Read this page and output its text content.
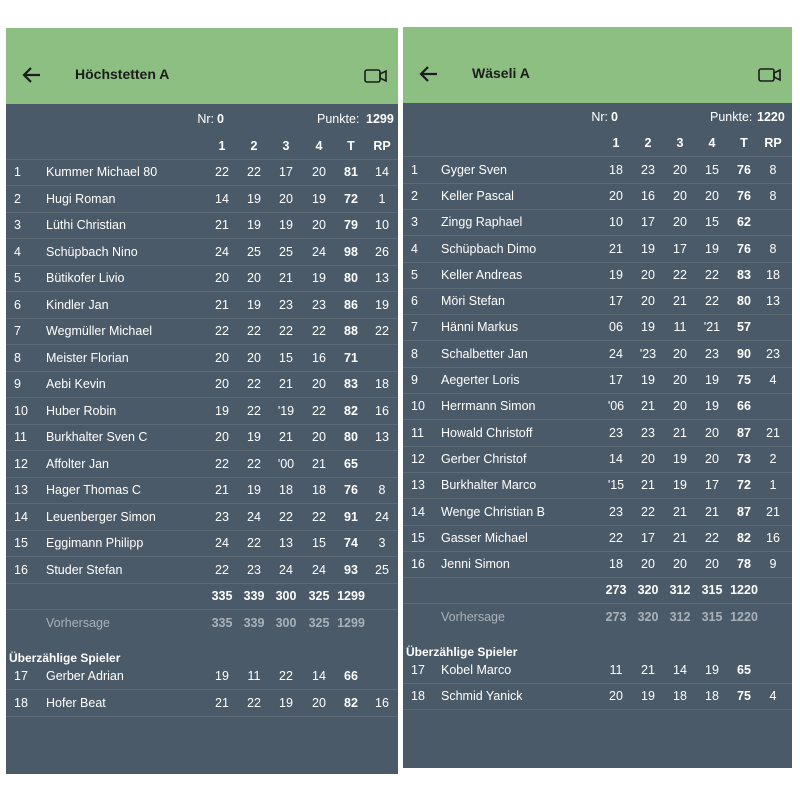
Höchstetten A
Nr: 0	Punkte: 1299
1	2	3	4	T	RP
1 Kummer Michael 80	22	22	17	20	81	14
2 Hugi Roman	14	19	20	19	72	1
3 Lüthi Christian	21	19	19	20	79	10
4 Schüpbach Nino	24	25	25	24	98	26
5 Bütikofer Livio	20	20	21	19	80	13
6 Kindler Jan	21	19	23	23	86	19
7 Wegmüller Michael	22	22	22	22	88	22
8 Meister Florian	20	20	15	16	71
9 Aebi Kevin	20	22	21	20	83	18
10 Huber Robin	19	22	'19	22	82	16
11 Burkhalter Sven C	20	19	21	20	80	13
12 Affolter Jan	22	22	'00	21	65
13 Hager Thomas C	21	19	18	18	76	8
14 Leuenberger Simon	23	24	22	22	91	24
15 Eggimann Philipp	24	22	13	15	74	3
16 Studer Stefan	22	23	24	24	93	25
335 339 300 325 1299
Vorhersage	335 339 300 325 1299
Überzählige Spieler
17 Gerber Adrian	19	11	22	14	66
18 Hofer Beat	21	22	19	20	82	16
Wäseli A
Nr: 0	Punkte: 1220
1	2	3	4	T	RP
1 Gyger Sven	18	23	20	15	76	8
2 Keller Pascal	20	16	20	20	76	8
3 Zingg Raphael	10	17	20	15	62
4 Schüpbach Dimo	21	19	17	19	76	8
5 Keller Andreas	19	20	22	22	83	18
6 Möri Stefan	17	20	21	22	80	13
7 Hänni Markus	06	19	11	'21	57
8 Schalbetter Jan	24	'23	20	23	90	23
9 Aegerter Loris	17	19	20	19	75	4
10 Herrmann Simon	'06	21	20	19	66
11 Howald Christoff	23	23	21	20	87	21
12 Gerber Christof	14	20	19	20	73	2
13 Burkhalter Marco	'15	21	19	17	72	1
14 Wenge Christian B	23	22	21	21	87	21
15 Gasser Michael	22	17	21	22	82	16
16 Jenni Simon	18	20	20	20	78	9
273 320 312 315 1220
Vorhersage	273 320 312 315 1220
Überzählige Spieler
17 Kobel Marco	11	21	14	19	65
18 Schmid Yanick	20	19	18	18	75	4
